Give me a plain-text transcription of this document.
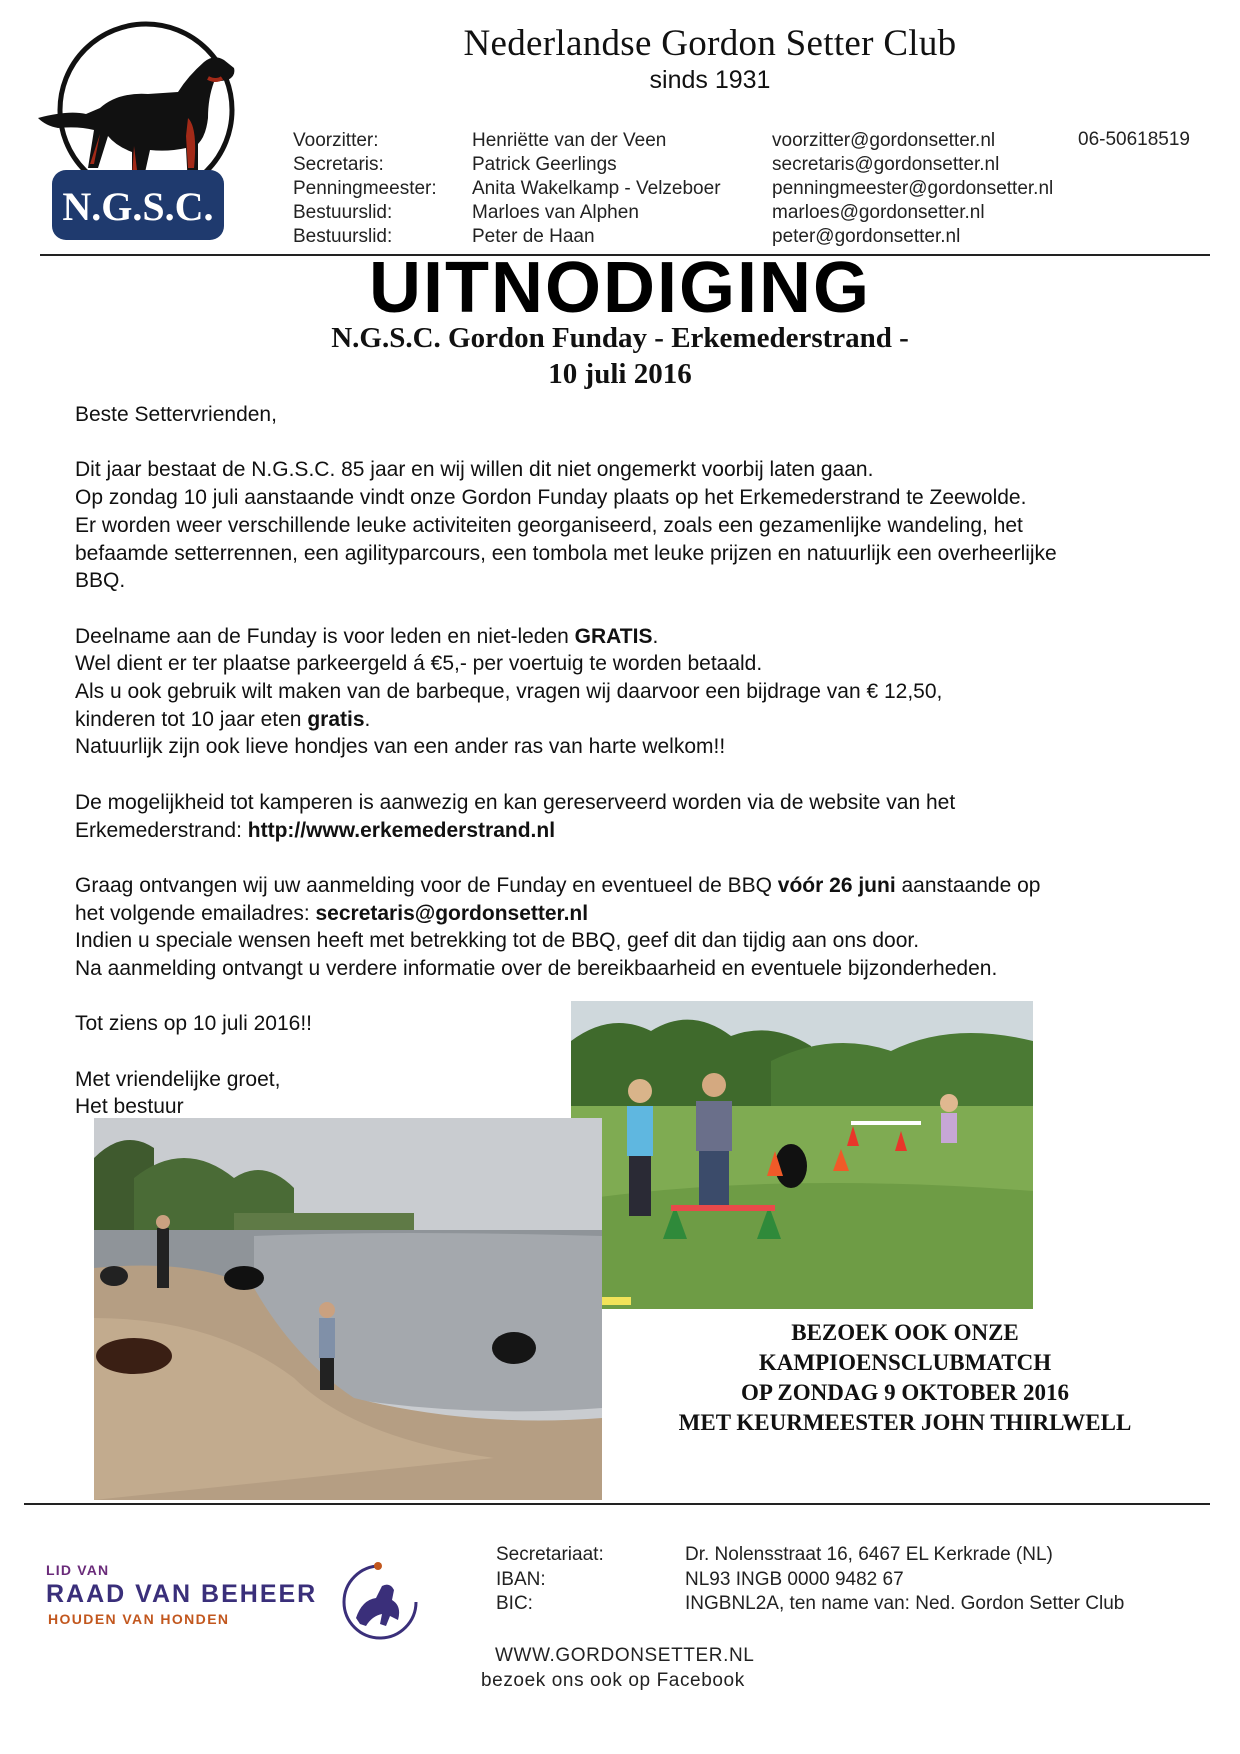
N.G.S.C.
Nederlandse Gordon Setter Club
sinds 1931
Voorzitter:
Secretaris:
Penningmeester:
Bestuurslid:
Bestuurslid:
Henriëtte van der Veen
Patrick Geerlings
Anita Wakelkamp - Velzeboer
Marloes van Alphen
Peter de Haan
voorzitter@gordonsetter.nl
secretaris@gordonsetter.nl
penningmeester@gordonsetter.nl
marloes@gordonsetter.nl
peter@gordonsetter.nl
06-50618519
UITNODIGING
N.G.S.C. Gordon Funday - Erkemederstrand -
10 juli 2016

Beste Settervrienden,

Dit jaar bestaat de N.G.S.C. 85 jaar en wij willen dit niet ongemerkt voorbij laten gaan.

Op zondag 10 juli aanstaande vindt onze Gordon Funday plaats op het Erkemederstrand te Zeewolde.

Er worden weer verschillende leuke activiteiten georganiseerd, zoals een gezamenlijke wandeling, het

befaamde setterrennen, een agilityparcours, een tombola met leuke prijzen en natuurlijk een overheerlijke

BBQ.

Deelname aan de Funday is voor leden en niet-leden GRATIS.

Wel dient er ter plaatse parkeergeld á €5,- per voertuig te worden betaald.

Als u ook gebruik wilt maken van de barbeque, vragen wij daarvoor een bijdrage van € 12,50,

kinderen tot 10 jaar eten gratis.

Natuurlijk zijn ook lieve hondjes van een ander ras van harte welkom!!

De mogelijkheid tot kamperen is aanwezig en kan gereserveerd worden via de website van het

Erkemederstrand: http://www.erkemederstrand.nl

Graag ontvangen wij uw aanmelding voor de Funday en eventueel de BBQ vóór 26 juni aanstaande op

het volgende emailadres: secretaris@gordonsetter.nl

Indien u speciale wensen heeft met betrekking tot de BBQ, geef dit dan tijdig aan ons door.

Na aanmelding ontvangt u verdere informatie over de bereikbaarheid en eventuele bijzonderheden.

Tot ziens op 10 juli 2016!!

Met vriendelijke groet,

Het bestuur

BEZOEK OOK ONZE
KAMPIOENSCLUBMATCH
OP ZONDAG 9 OKTOBER 2016
MET KEURMEESTER JOHN THIRLWELL
LID VAN
RAAD VAN BEHEER
HOUDEN VAN HONDEN
Secretariaat:
IBAN:
BIC:
Dr. Nolensstraat 16, 6467 EL Kerkrade (NL)
NL93 INGB 0000 9482 67
INGBNL2A, ten name van: Ned. Gordon Setter Club
WWW.GORDONSETTER.NL
bezoek ons ook op Facebook
